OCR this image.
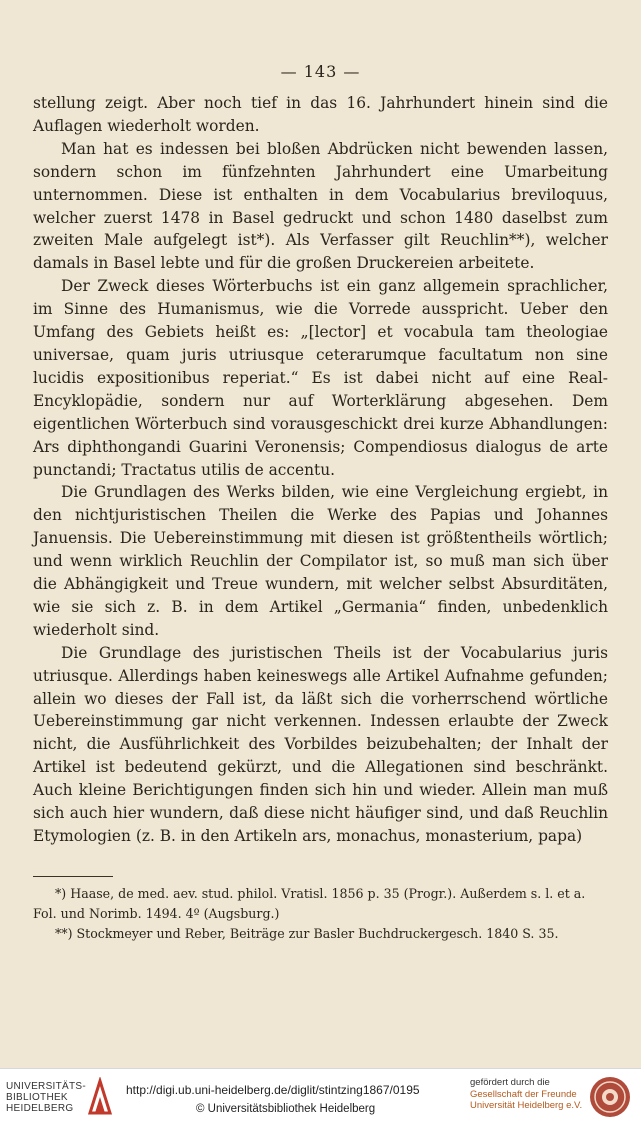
— 143 —

stellung zeigt. Aber noch tief in das 16. Jahrhundert hinein sind die Auflagen wiederholt worden.

Man hat es indessen bei bloßen Abdrücken nicht bewenden lassen, sondern schon im fünfzehnten Jahrhundert eine Umarbeitung unternommen. Diese ist enthalten in dem Vocabularius breviloquus, welcher zuerst 1478 in Basel gedruckt und schon 1480 daselbst zum zweiten Male aufgelegt ist*). Als Verfasser gilt Reuchlin**), welcher damals in Basel lebte und für die großen Druckereien arbeitete.

Der Zweck dieses Wörterbuchs ist ein ganz allgemein sprachlicher, im Sinne des Humanismus, wie die Vorrede ausspricht. Ueber den Umfang des Gebiets heißt es: „[lector] et vocabula tam theologiae universae, quam juris utriusque ceterarumque facultatum non sine lucidis expositionibus reperiat.“ Es ist dabei nicht auf eine Real-Encyklopädie, sondern nur auf Worterklärung abgesehen. Dem eigentlichen Wörterbuch sind vorausgeschickt drei kurze Abhandlungen: Ars diphthongandi Guarini Veronensis; Compendiosus dialogus de arte punctandi; Tractatus utilis de accentu.

Die Grundlagen des Werks bilden, wie eine Vergleichung ergiebt, in den nichtjuristischen Theilen die Werke des Papias und Johannes Januensis. Die Uebereinstimmung mit diesen ist größtentheils wörtlich; und wenn wirklich Reuchlin der Compilator ist, so muß man sich über die Abhängigkeit und Treue wundern, mit welcher selbst Absurditäten, wie sie sich z. B. in dem Artikel „Germania“ finden, unbedenklich wiederholt sind.

Die Grundlage des juristischen Theils ist der Vocabularius juris utriusque. Allerdings haben keineswegs alle Artikel Aufnahme gefunden; allein wo dieses der Fall ist, da läßt sich die vorherrschend wörtliche Uebereinstimmung gar nicht verkennen. Indessen erlaubte der Zweck nicht, die Ausführlichkeit des Vorbildes beizubehalten; der Inhalt der Artikel ist bedeutend gekürzt, und die Allegationen sind beschränkt. Auch kleine Berichtigungen finden sich hin und wieder. Allein man muß sich auch hier wundern, daß diese nicht häufiger sind, und daß Reuchlin Etymologien (z. B. in den Artikeln ars, monachus, monasterium, papa)

*) Haase, de med. aev. stud. philol. Vratisl. 1856 p. 35 (Progr.). Außerdem s. l. et a. Fol. und Norimb. 1494. 4º (Augsburg.)

**) Stockmeyer und Reber, Beiträge zur Basler Buchdruckergesch. 1840 S. 35.

UNIVERSITÄTS-
BIBLIOTHEK
HEIDELBERG
http://digi.ub.uni-heidelberg.de/diglit/stintzing1867/0195
© Universitätsbibliothek Heidelberg
gefördert durch die
Gesellschaft der Freunde
Universität Heidelberg e.V.
